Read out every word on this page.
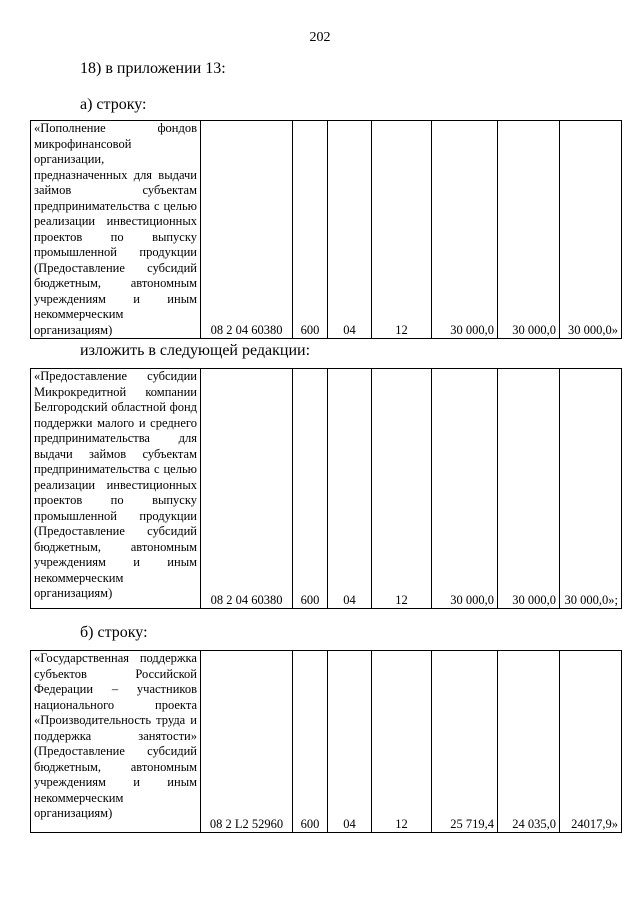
202
18) в приложении 13:
а) строку:
«Пополнение фондов микрофинансовой организации, предназначенных для выдачи займов субъектам предпринимательства с целью реализации инвестиционных проектов по выпуску промышленной продукции (Предоставление субсидий бюджетным, автономным учреждениям и иным некоммерческим организациям)	08 2 04 60380	600	04	12	30 000,0	30 000,0	30 000,0»
изложить в следующей редакции:
«Предоставление субсидии Микрокредитной компании Белгородский областной фонд поддержки малого и среднего предпринимательства для выдачи займов субъектам предпринимательства с целью реализации инвестиционных проектов по выпуску промышленной продукции (Предоставление субсидий бюджетным, автономным учреждениям и иным некоммерческим организациям)	08 2 04 60380	600	04	12	30 000,0	30 000,0	30 000,0»;
б) строку:
«Государственная поддержка субъектов Российской Федерации – участников национального проекта «Производительность труда и поддержка занятости» (Предоставление субсидий бюджетным, автономным учреждениям и иным некоммерческим организациям)	08 2 L2 52960	600	04	12	25 719,4	24 035,0	24017,9»
